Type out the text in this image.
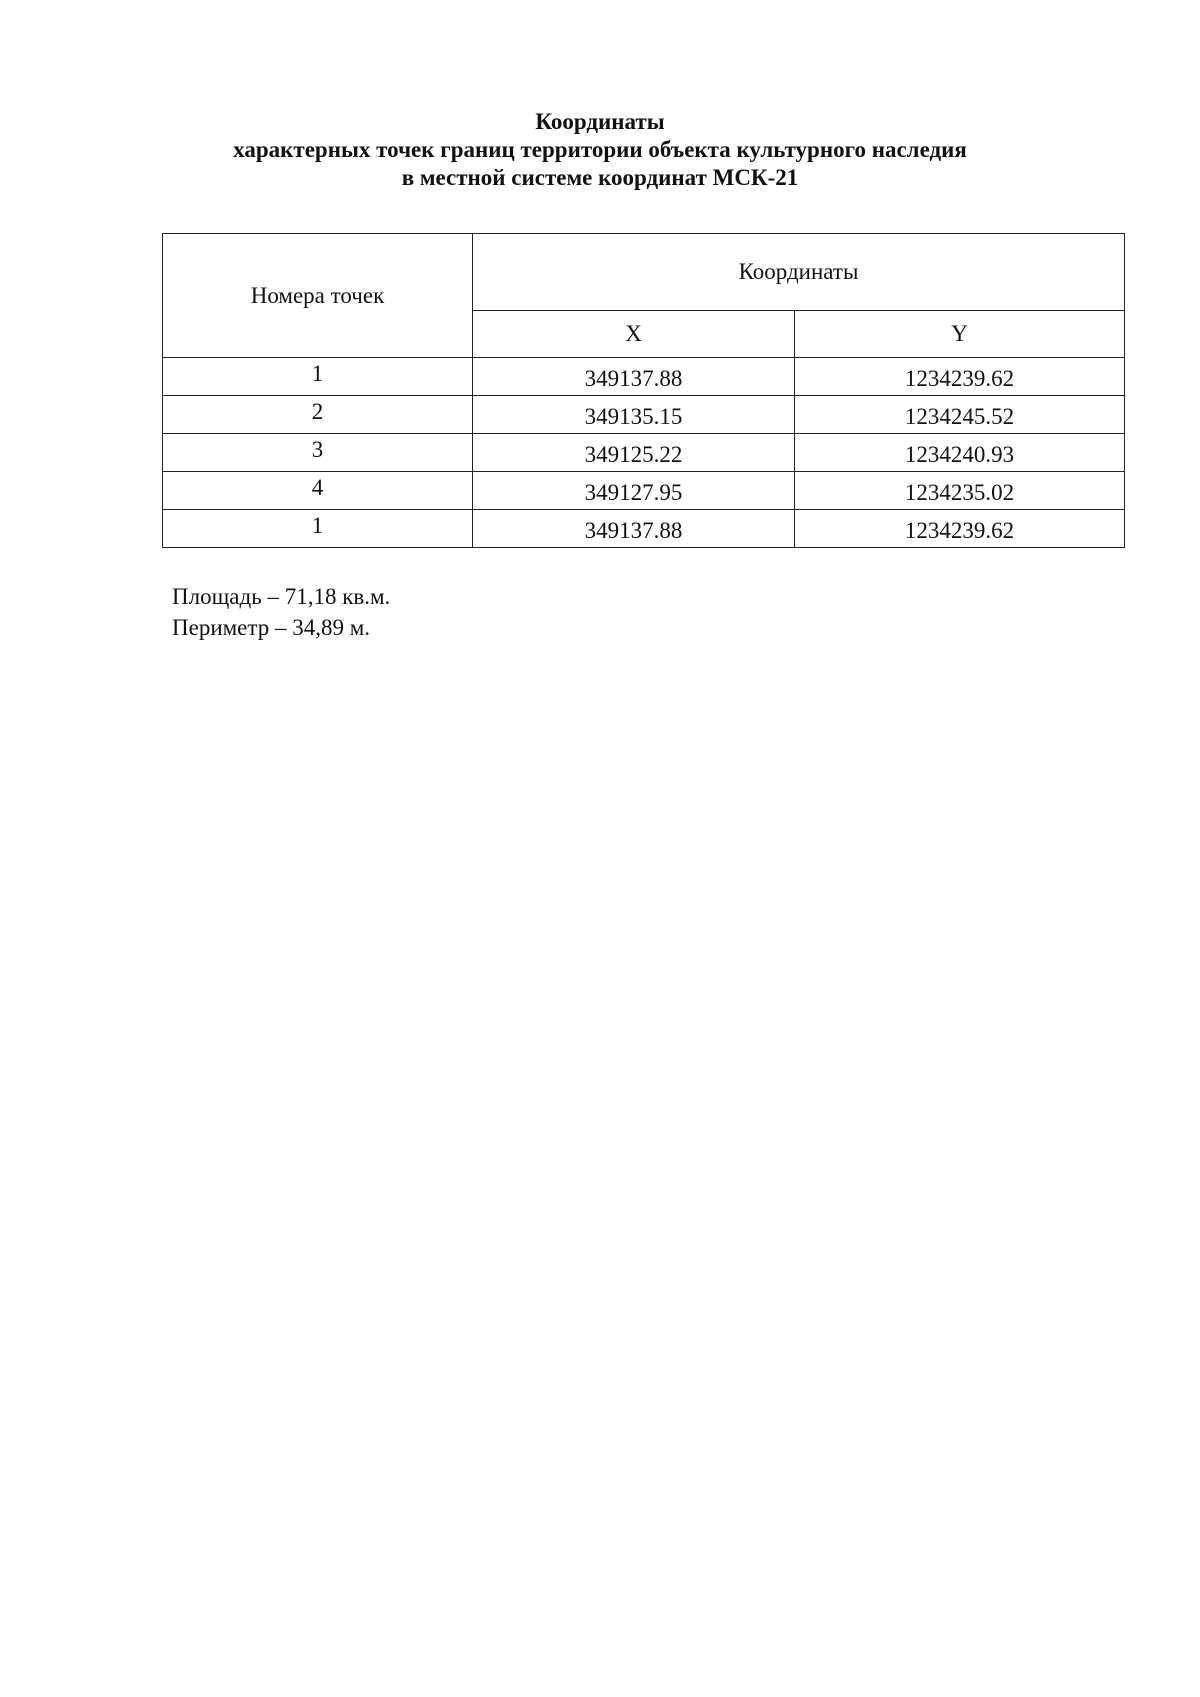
Координаты
характерных точек границ территории объекта культурного наследия
в местной системе координат МСК-21
Номера точек	Координаты	
	X	Y
1	349137.88	1234239.62
2	349135.15	1234245.52
3	349125.22	1234240.93
4	349127.95	1234235.02
1	349137.88	1234239.62
Площадь – 71,18 кв.м.
Периметр – 34,89 м.
